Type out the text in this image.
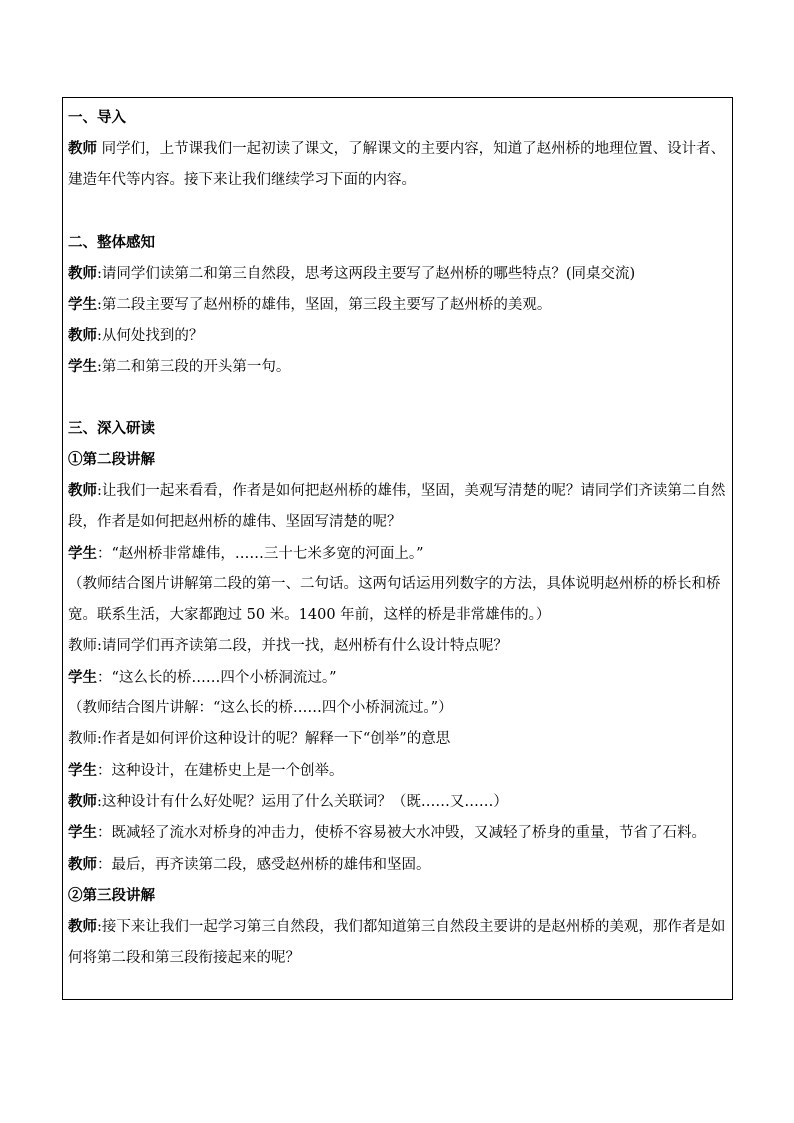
一、导入
教师 同学们，上节课我们一起初读了课文，了解课文的主要内容，知道了赵州桥的地理位置、设计者、建造年代等内容。接下来让我们继续学习下面的内容。
二、整体感知
教师:请同学们读第二和第三自然段，思考这两段主要写了赵州桥的哪些特点？(同桌交流)
学生:第二段主要写了赵州桥的雄伟，坚固，第三段主要写了赵州桥的美观。
教师:从何处找到的？
学生:第二和第三段的开头第一句。
三、深入研读
①第二段讲解
教师:让我们一起来看看，作者是如何把赵州桥的雄伟，坚固，美观写清楚的呢？请同学们齐读第二自然段，作者是如何把赵州桥的雄伟、坚固写清楚的呢？
学生：“赵州桥非常雄伟，……三十七米多宽的河面上。”
（教师结合图片讲解第二段的第一、二句话。这两句话运用列数字的方法，具体说明赵州桥的桥长和桥宽。联系生活，大家都跑过 50 米。1400 年前，这样的桥是非常雄伟的。）
教师:请同学们再齐读第二段，并找一找，赵州桥有什么设计特点呢？
学生：“这么长的桥……四个小桥洞流过。”
（教师结合图片讲解：“这么长的桥……四个小桥洞流过。”）
教师:作者是如何评价这种设计的呢？解释一下“创举”的意思
学生：这种设计，在建桥史上是一个创举。
教师:这种设计有什么好处呢？运用了什么关联词？（既……又……）
学生：既减轻了流水对桥身的冲击力，使桥不容易被大水冲毁，又减轻了桥身的重量，节省了石料。
教师：最后，再齐读第二段，感受赵州桥的雄伟和坚固。
②第三段讲解
教师:接下来让我们一起学习第三自然段，我们都知道第三自然段主要讲的是赵州桥的美观，那作者是如何将第二段和第三段衔接起来的呢？
